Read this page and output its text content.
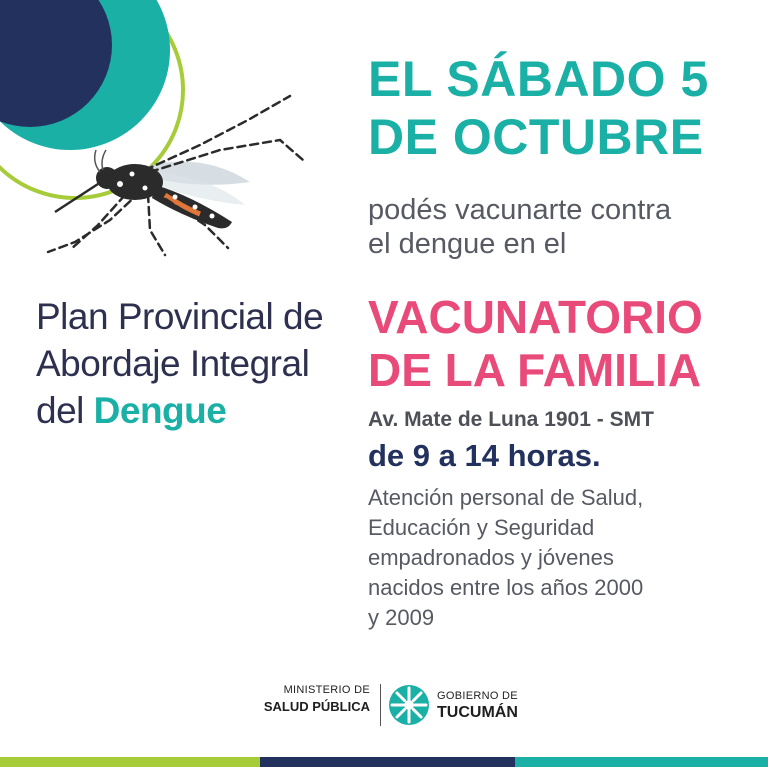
EL SÁBADO 5
DE OCTUBRE
podés vacunarte contra
el dengue en el
VACUNATORIO
DE LA FAMILIA
Av. Mate de Luna 1901 - SMT
de 9 a 14 horas.
Atención personal de Salud,
Educación y Seguridad
empadronados y jóvenes
nacidos entre los años 2000
y 2009
Plan Provincial de
Abordaje Integral
del Dengue
MINISTERIO DE
SALUD PÚBLICA
GOBIERNO DE
TUCUMÁN
